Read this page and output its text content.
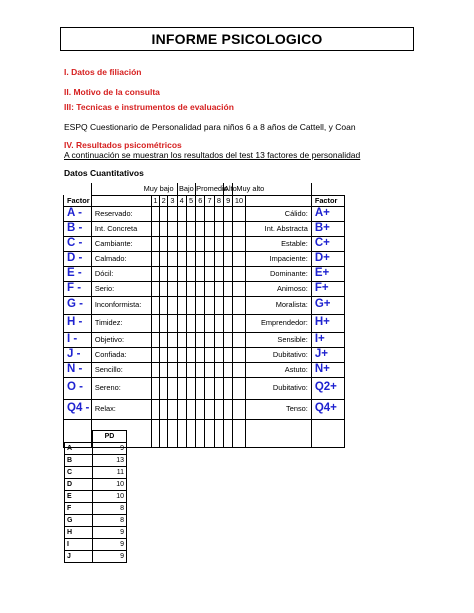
INFORME PSICOLOGICO
I. Datos de filiación
II. Motivo de la consulta
III: Tecnicas e instrumentos de evaluación
ESPQ Cuestionario de Personalidad para niños 6 a 8 años de Cattell, y Coan
IV. Resultados psicométricos
A continuación se muestran los resultados del test 13 factores de personalidad
Datos Cuantitativos
	Muy bajo				Bajo		Promedio			Alto	Muy alto		
Factor		1	2	3	4	5	6	7	8	9	10		Factor
A -	Reservado:											Cálido:	A+
B -	Int. Concreta											Int. Abstracta	B+
C -	Cambiante:											Estable:	C+
D -	Calmado:											Impaciente:	D+
E -	Dócil:											Dominante:	E+
F -	Serio:											Animoso:	F+
G -	Inconformista:											Moralista:	G+
H -	Timidez:											Emprendedor:	H+
I -	Objetivo:											Sensible:	I+
J -	Confiada:											Dubitativo:	J+
N -	Sencillo:											Astuto:	N+
O -	Sereno:											Dubitativo:	Q2+
Q4 -	Relax:											Tenso:	Q4+

	PD
A	9
B	13
C	11
D	10
E	10
F	8
G	8
H	9
I	9
J	9
